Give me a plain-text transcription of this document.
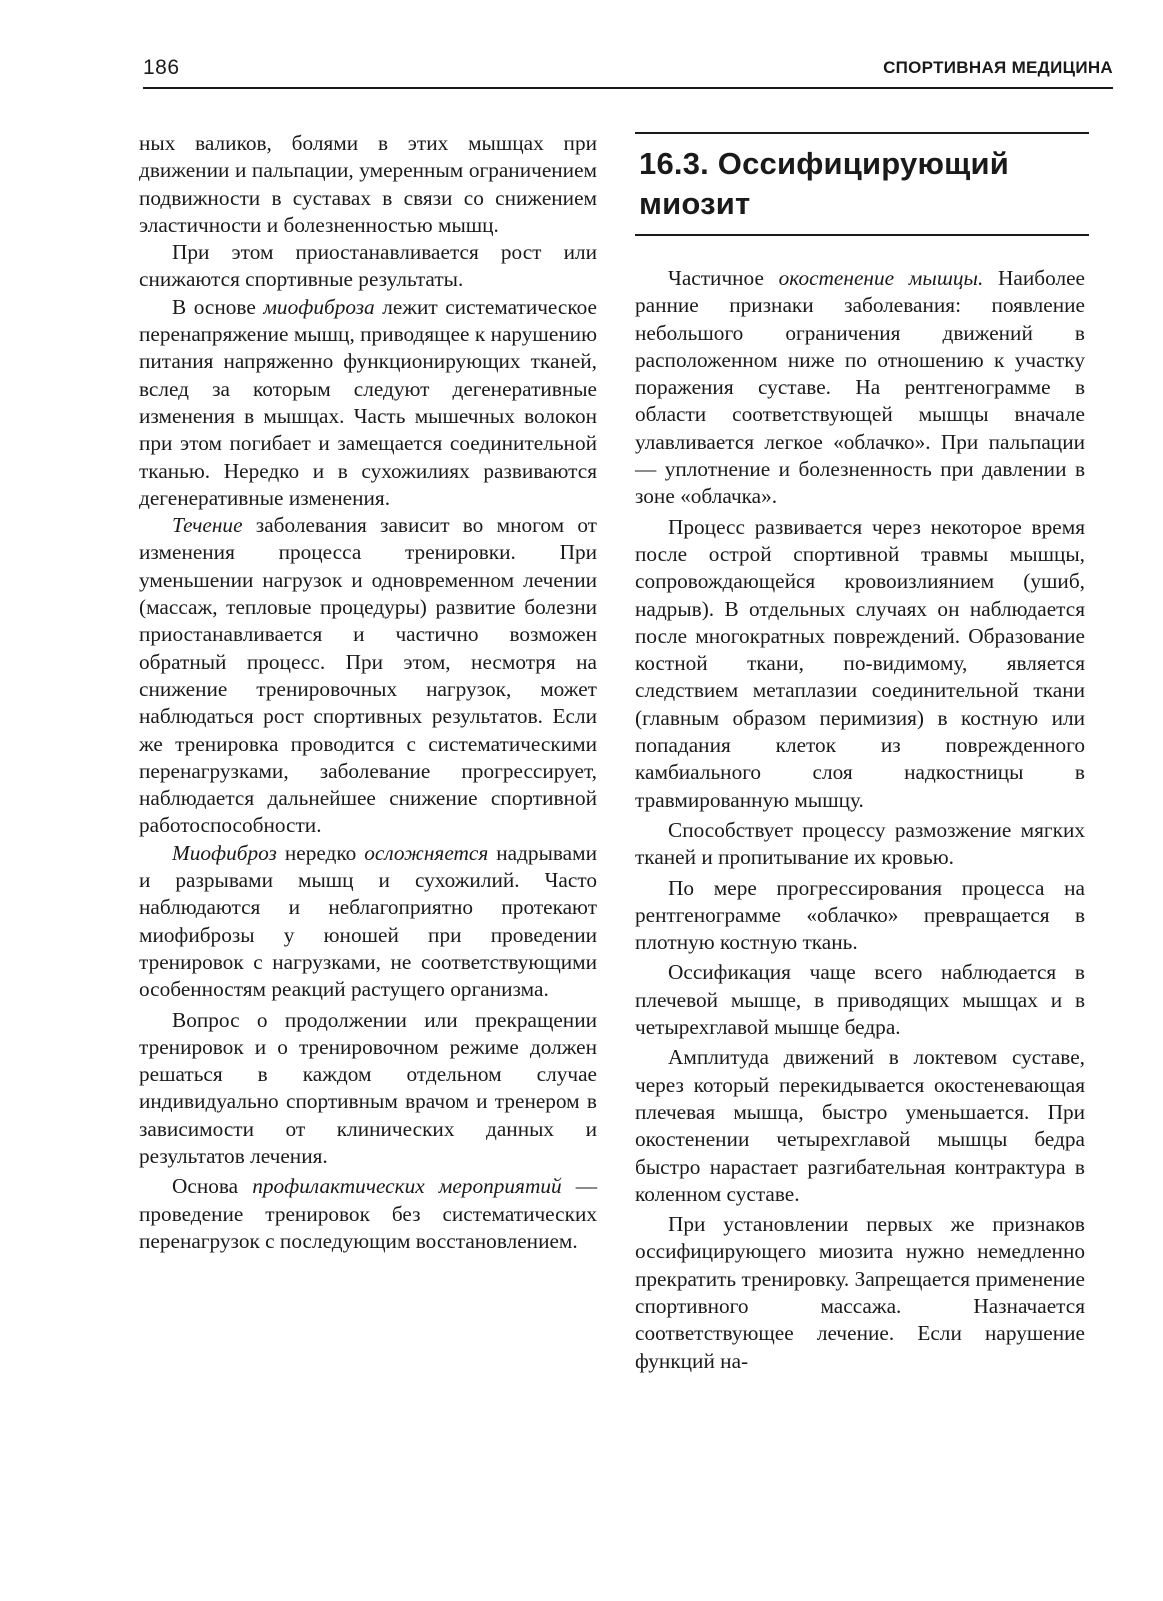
186	СПОРТИВНАЯ МЕДИЦИНА

ных валиков, болями в этих мышцах при движении и пальпации, умеренным ограничением подвижности в суставах в связи со снижением эластичности и болезненностью мышц.

При этом приостанавливается рост или снижаются спортивные результаты.

В основе миофиброза лежит систематическое перенапряжение мышц, приводящее к нарушению питания напряженно функционирующих тканей, вслед за которым следуют дегенеративные изменения в мышцах. Часть мышечных волокон при этом погибает и замещается соединительной тканью. Нередко и в сухожилиях развиваются дегенеративные изменения.

Течение заболевания зависит во многом от изменения процесса тренировки. При уменьшении нагрузок и одновременном лечении (массаж, тепловые процедуры) развитие болезни приостанавливается и частично возможен обратный процесс. При этом, несмотря на снижение тренировочных нагрузок, может наблюдаться рост спортивных результатов. Если же тренировка проводится с систематическими перенагрузками, заболевание прогрессирует, наблюдается дальнейшее снижение спортивной работоспособности.

Миофиброз нередко осложняется надрывами и разрывами мышц и сухожилий. Часто наблюдаются и неблагоприятно протекают миофиброзы у юношей при проведении тренировок с нагрузками, не соответствующими особенностям реакций растущего организма.

Вопрос о продолжении или прекращении тренировок и о тренировочном режиме должен решаться в каждом отдельном случае индивидуально спортивным врачом и тренером в зависимости от клинических данных и результатов лечения.

Основа профилактических мероприятий — проведение тренировок без систематических перенагрузок с последующим восстановлением.

16.3. Оссифицирующий миозит

Частичное окостенение мышцы. Наиболее ранние признаки заболевания: появление небольшого ограничения движений в расположенном ниже по отношению к участку поражения суставе. На рентгенограмме в области соответствующей мышцы вначале улавливается легкое «облачко». При пальпации — уплотнение и болезненность при давлении в зоне «облачка».

Процесс развивается через некоторое время после острой спортивной травмы мышцы, сопровождающейся кровоизлиянием (ушиб, надрыв). В отдельных случаях он наблюдается после многократных повреждений. Образование костной ткани, по-видимому, является следствием метаплазии соединительной ткани (главным образом перимизия) в костную или попадания клеток из поврежденного камбиального слоя надкостницы в травмированную мышцу.

Способствует процессу размозжение мягких тканей и пропитывание их кровью.

По мере прогрессирования процесса на рентгенограмме «облачко» превращается в плотную костную ткань.

Оссификация чаще всего наблюдается в плечевой мышце, в приводящих мышцах и в четырехглавой мышце бедра.

Амплитуда движений в локтевом суставе, через который перекидывается окостеневающая плечевая мышца, быстро уменьшается. При окостенении четырехглавой мышцы бедра быстро нарастает разгибательная контрактура в коленном суставе.

При установлении первых же признаков оссифицирующего миозита нужно немедленно прекратить тренировку. Запрещается применение спортивного массажа. Назначается соответствующее лечение. Если нарушение функций на-
